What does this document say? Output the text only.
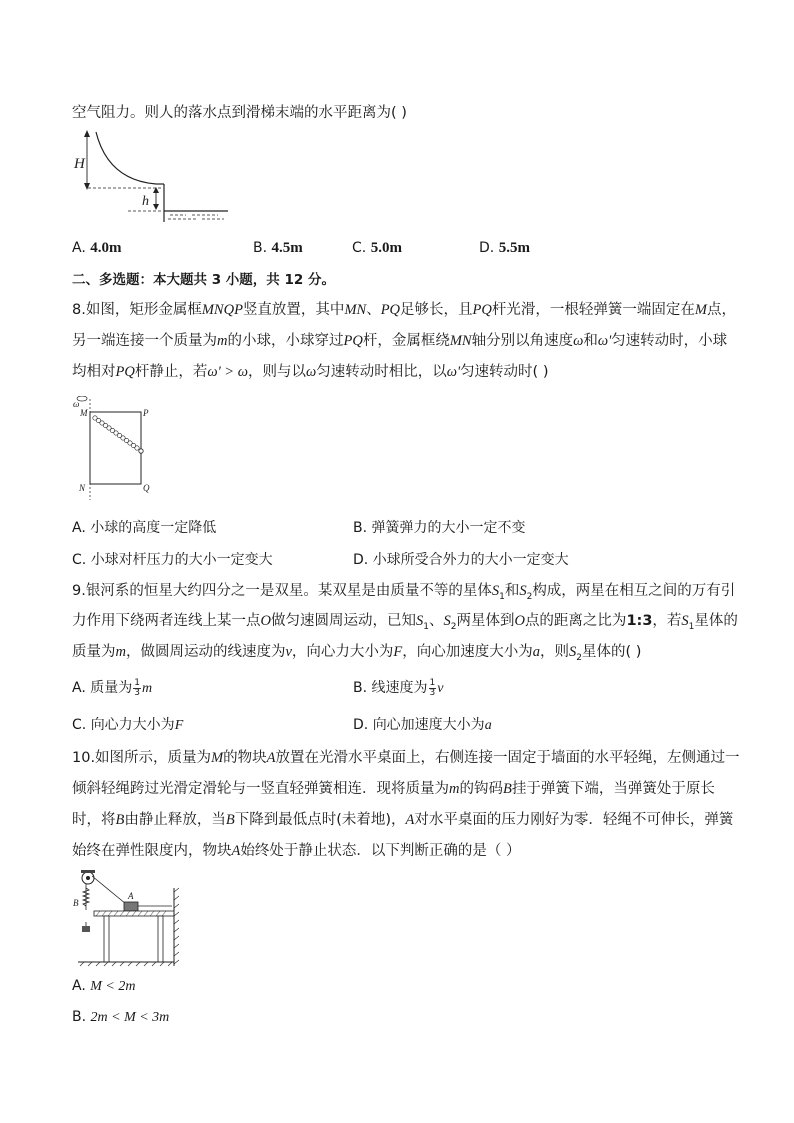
空气阻力。则人的落水点到滑梯末端的水平距离为( )
H
h
A. 4.0m	B. 4.5m	C. 5.0m	D. 5.5m
二、多选题：本大题共 3 小题，共 12 分。
8.如图，矩形金属框MNQP竖直放置，其中MN、PQ足够长，且PQ杆光滑，一根轻弹簧一端固定在M点，
另一端连接一个质量为m的小球，小球穿过PQ杆，金属框绕MN轴分别以角速度ω和ω'匀速转动时，小球
均相对PQ杆静止，若ω' > ω，则与以ω匀速转动时相比，以ω'匀速转动时( )
ω
M	P
N	Q
A. 小球的高度一定降低	B. 弹簧弹力的大小一定不变
C. 小球对杆压力的大小一定变大	D. 小球所受合外力的大小一定变大
9.银河系的恒星大约四分之一是双星。某双星是由质量不等的星体$S_1$和$S_2$构成，两星在相互之间的万有引
力作用下绕两者连线上某一点O做匀速圆周运动，已知$S_1$、$S_2$两星体到O点的距离之比为1:3，若$S_1$星体的
质量为m，做圆周运动的线速度为v，向心力大小为F，向心加速度大小为a，则$S_2$星体的( )
A. 质量为 $\frac{1}{3}$ m	B. 线速度为 $\frac{1}{3}$ v
C. 向心力大小为F	D. 向心加速度大小为a
10.如图所示，质量为M的物块A放置在光滑水平桌面上，右侧连接一固定于墙面的水平轻绳，左侧通过一
倾斜轻绳跨过光滑定滑轮与一竖直轻弹簧相连．现将质量为m的钩码B挂于弹簧下端，当弹簧处于原长
时，将B由静止释放，当B下降到最低点时(未着地)，A对水平桌面的压力刚好为零．轻绳不可伸长，弹簧
始终在弹性限度内，物块A始终处于静止状态．以下判断正确的是（ ）
B
A
A. M < 2m
B. 2m < M < 3m
